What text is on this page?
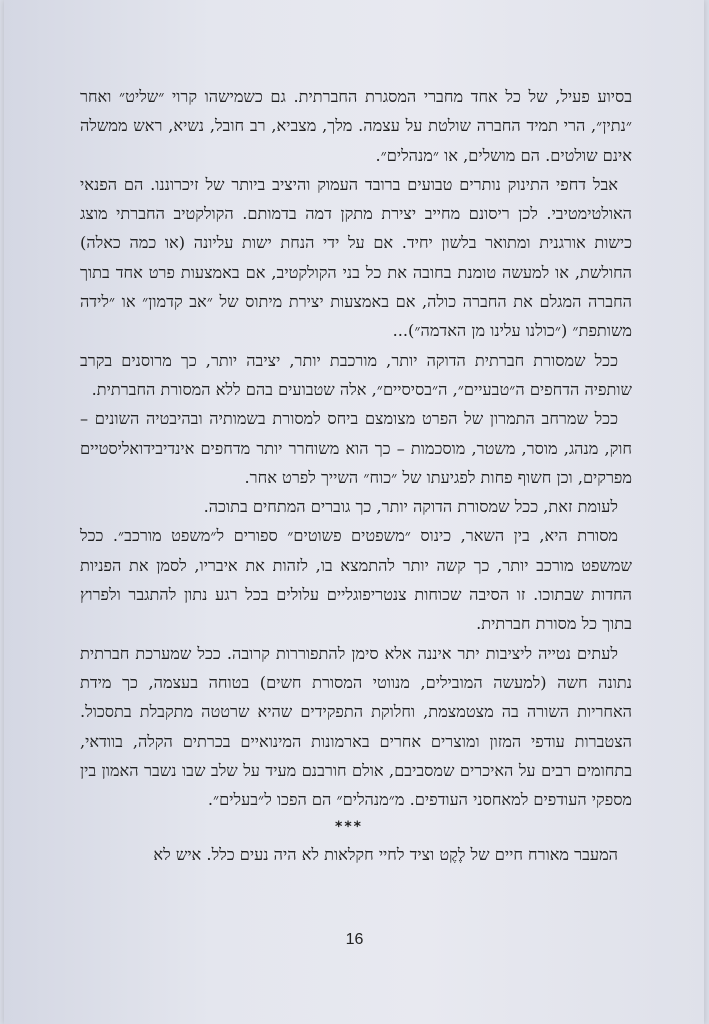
בסיוע פעיל, של כל אחד מחברי המסגרת החברתית. גם כשמישהו קרוי ״שליט״ ואחר ״נתין״, הרי תמיד החברה שולטת על עצמה. מלך, מצביא, רב חובל, נשיא, ראש ממשלה אינם שולטים. הם מושלים, או ״מנהלים״.

אבל דחפי התינוק נותרים טבועים ברובד העמוק והיציב ביותר של זיכרוננו. הם הפנאי האולטימטיבי. לכן ריסונם מחייב יצירת מתקן דמה בדמותם. הקולקטיב החברתי מוצג כישות אורגנית ומתואר בלשון יחיד. אם על ידי הנחת ישות עליונה (או כמה כאלה) החולשת, או למעשה טומנת בחובה את כל בני הקולקטיב, אם באמצעות פרט אחד בתוך החברה המגלם את החברה כולה, אם באמצעות יצירת מיתוס של ״אב קדמון״ או ״לידה משותפת״ (״כולנו עלינו מן האדמה״)...

ככל שמסורת חברתית הדוקה יותר, מורכבת יותר, יציבה יותר, כך מרוסנים בקרב שותפיה הדחפים ה״טבעיים״, ה״בסיסיים״, אלה שטבועים בהם ללא המסורת החברתית.

ככל שמרחב התמרון של הפרט מצומצם ביחס למסורת בשמותיה ובהיבטיה השונים – חוק, מנהג, מוסר, משטר, מוסכמות – כך הוא משוחרר יותר מדחפים אינדיבידואליסטיים מפרקים, וכן חשוף פחות לפגיעתו של ״כוח״ השייך לפרט אחר.

לעומת זאת, ככל שמסורת הדוקה יותר, כך גוברים המתחים בתוכה.

מסורת היא, בין השאר, כינוס ״משפטים פשוטים״ ספורים ל״משפט מורכב״. ככל שמשפט מורכב יותר, כך קשה יותר להתמצא בו, לזהות את איבריו, לסמן את הפניות החדות שבתוכו. זו הסיבה שכוחות צנטריפוגליים עלולים בכל רגע נתון להתגבר ולפרוץ בתוך כל מסורת חברתית.

לעתים נטייה ליציבות יתר איננה אלא סימן להתפוררות קרובה. ככל שמערכת חברתית נתונה חשה (למעשה המובילים, מנווטי המסורת חשים) בטוחה בעצמה, כך מידת האחריות השורה בה מצטמצמת, וחלוקת התפקידים שהיא שרטטה מתקבלת בתסכול. הצטברות עודפי המזון ומוצרים אחרים בארמונות המינואיים בכרתים הקלה, בוודאי, בתחומים רבים על האיכרים שמסביבם, אולם חורבנם מעיד על שלב שבו נשבר האמון בין מספקי העודפים למאחסני העודפים. מ״מנהלים״ הם הפכו ל״בעלים״.

***

המעבר מאורח חיים של לֶקֶט וציד לחיי חקלאות לא היה נעים כלל. איש לא

16
